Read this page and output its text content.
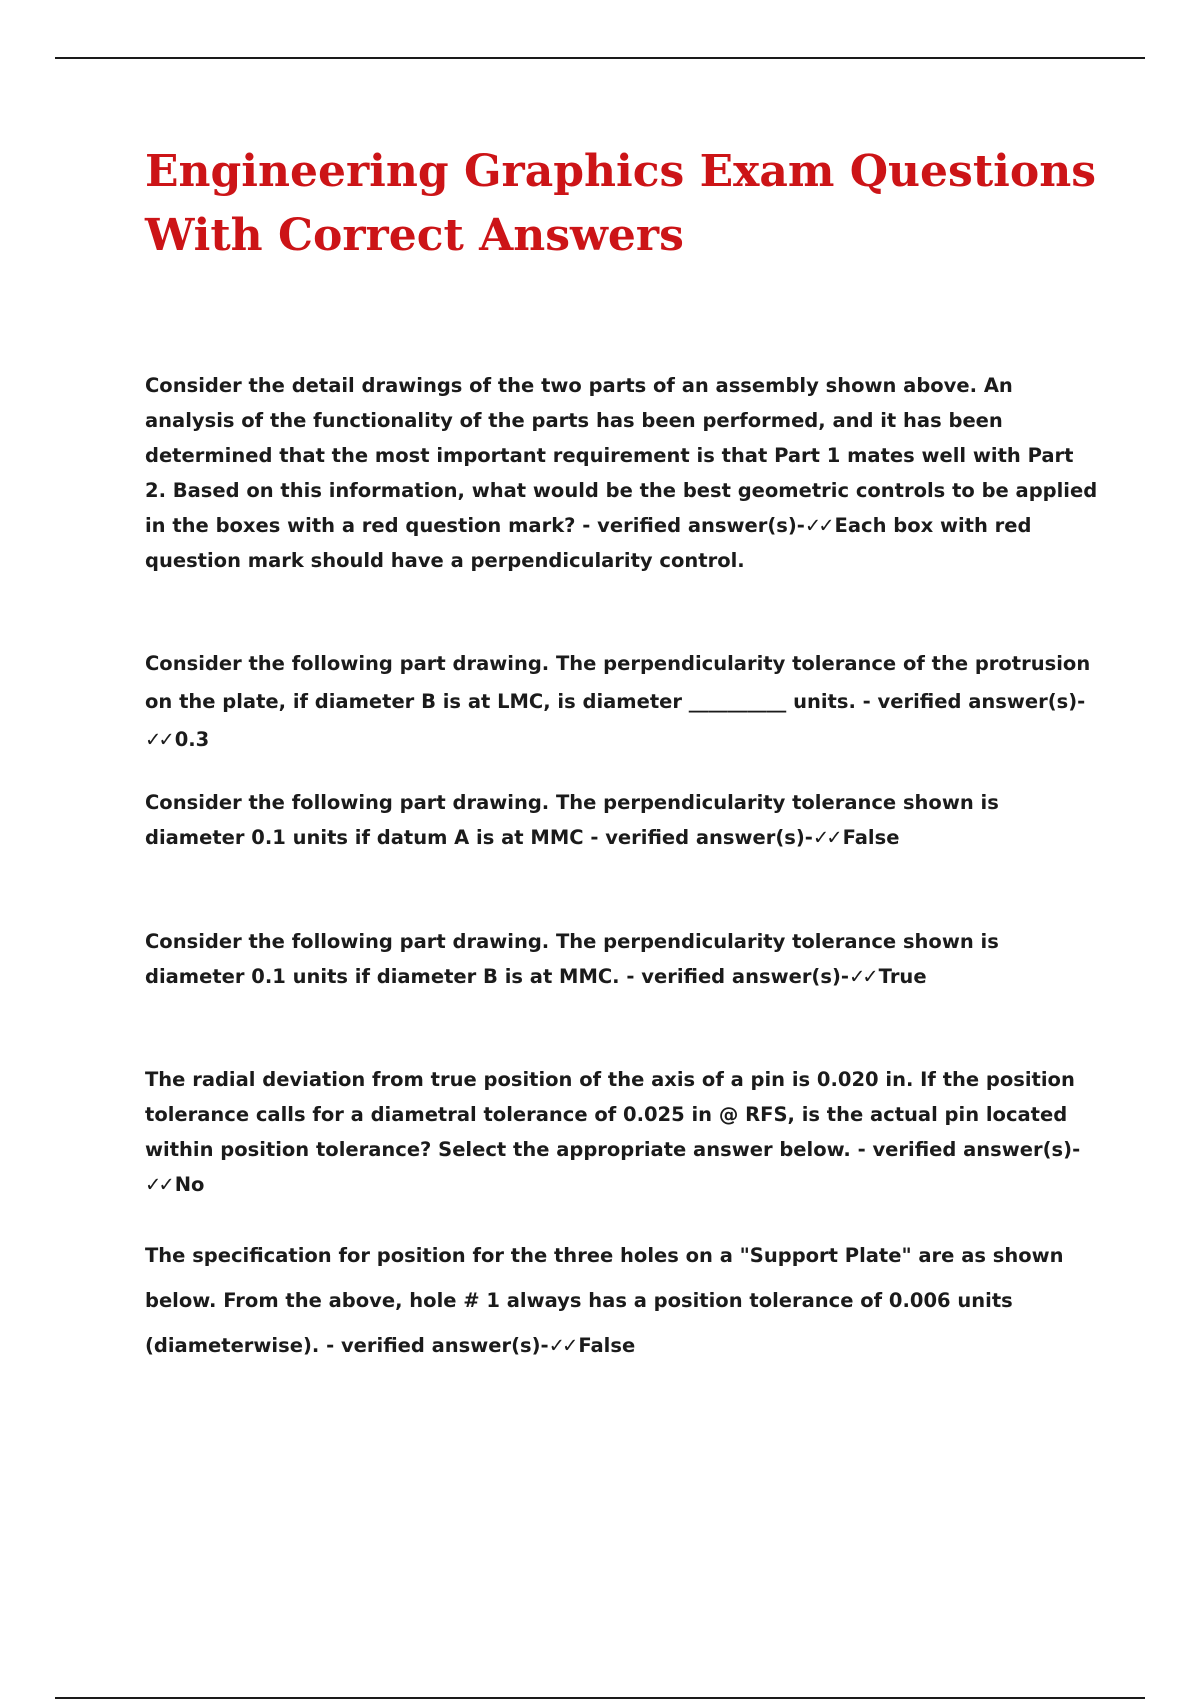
Engineering Graphics Exam Questions With Correct Answers

Consider the detail drawings of the two parts of an assembly shown above. An analysis of the functionality of the parts has been performed, and it has been determined that the most important requirement is that Part 1 mates well with Part 2. Based on this information, what would be the best geometric controls to be applied in the boxes with a red question mark? - verified answer(s)-✓✓ Each box with red question mark should have a perpendicularity control.

Consider the following part drawing. The perpendicularity tolerance of the protrusion on the plate, if diameter B is at LMC, is diameter __________ units. - verified answer(s)-✓✓ 0.3

Consider the following part drawing. The perpendicularity tolerance shown is diameter 0.1 units if datum A is at MMC - verified answer(s)-✓✓ False

Consider the following part drawing. The perpendicularity tolerance shown is diameter 0.1 units if diameter B is at MMC. - verified answer(s)-✓✓ True

The radial deviation from true position of the axis of a pin is 0.020 in. If the position tolerance calls for a diametral tolerance of 0.025 in @ RFS, is the actual pin located within position tolerance? Select the appropriate answer below. - verified answer(s)-✓✓ No

The specification for position for the three holes on a "Support Plate" are as shown below. From the above, hole # 1 always has a position tolerance of 0.006 units (diameterwise). - verified answer(s)-✓✓ False
